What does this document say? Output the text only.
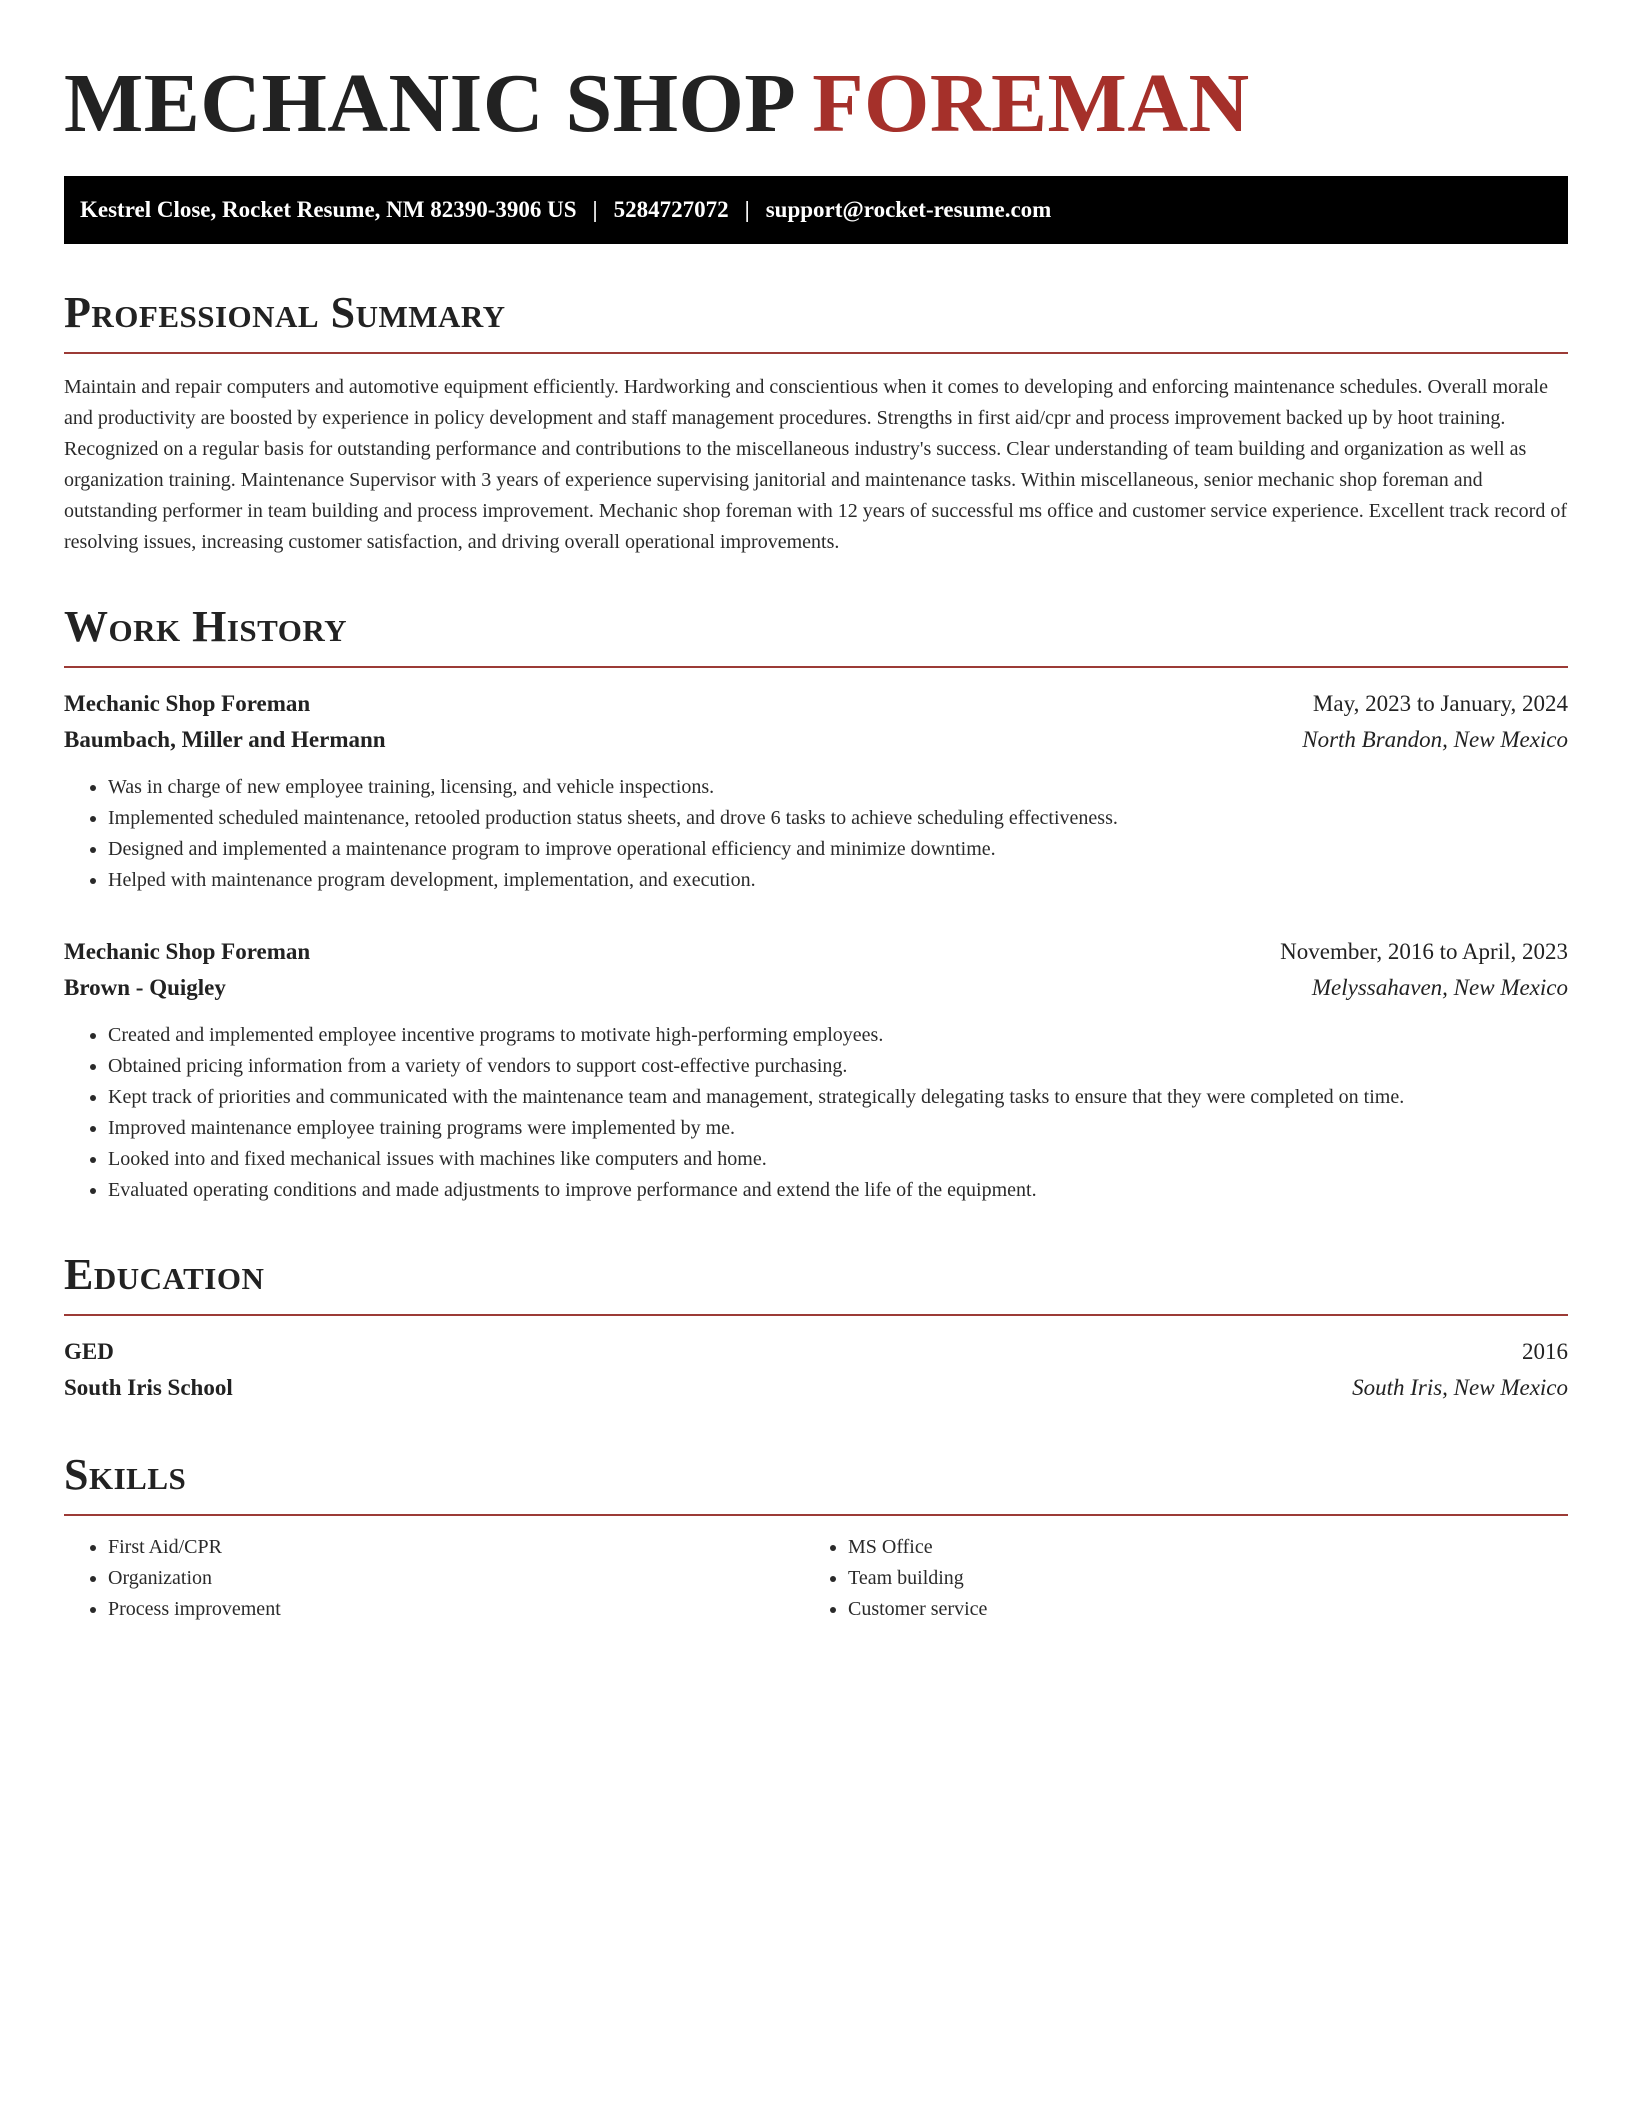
MECHANIC SHOP FOREMAN
Kestrel Close, Rocket Resume, NM 82390-3906 US | 5284727072 | support@rocket-resume.com
Professional Summary

Maintain and repair computers and automotive equipment efficiently. Hardworking and conscientious when it comes to developing and enforcing maintenance schedules. Overall morale and productivity are boosted by experience in policy development and staff management procedures. Strengths in first aid/cpr and process improvement backed up by hoot training. Recognized on a regular basis for outstanding performance and contributions to the miscellaneous industry's success. Clear understanding of team building and organization as well as organization training. Maintenance Supervisor with 3 years of experience supervising janitorial and maintenance tasks. Within miscellaneous, senior mechanic shop foreman and outstanding performer in team building and process improvement. Mechanic shop foreman with 12 years of successful ms office and customer service experience. Excellent track record of resolving issues, increasing customer satisfaction, and driving overall operational improvements.

Work History
Mechanic Shop Foreman	May, 2023 to January, 2024
Baumbach, Miller and Hermann	North Brandon, New Mexico
• Was in charge of new employee training, licensing, and vehicle inspections.
• Implemented scheduled maintenance, retooled production status sheets, and drove 6 tasks to achieve scheduling effectiveness.
• Designed and implemented a maintenance program to improve operational efficiency and minimize downtime.
• Helped with maintenance program development, implementation, and execution.
Mechanic Shop Foreman	November, 2016 to April, 2023
Brown - Quigley	Melyssahaven, New Mexico
• Created and implemented employee incentive programs to motivate high-performing employees.
• Obtained pricing information from a variety of vendors to support cost-effective purchasing.
• Kept track of priorities and communicated with the maintenance team and management, strategically delegating tasks to ensure that they were completed on time.
• Improved maintenance employee training programs were implemented by me.
• Looked into and fixed mechanical issues with machines like computers and home.
• Evaluated operating conditions and made adjustments to improve performance and extend the life of the equipment.
Education
GED	2016
South Iris School	South Iris, New Mexico
Skills
• First Aid/CPR
• Organization
• Process improvement
• MS Office
• Team building
• Customer service
